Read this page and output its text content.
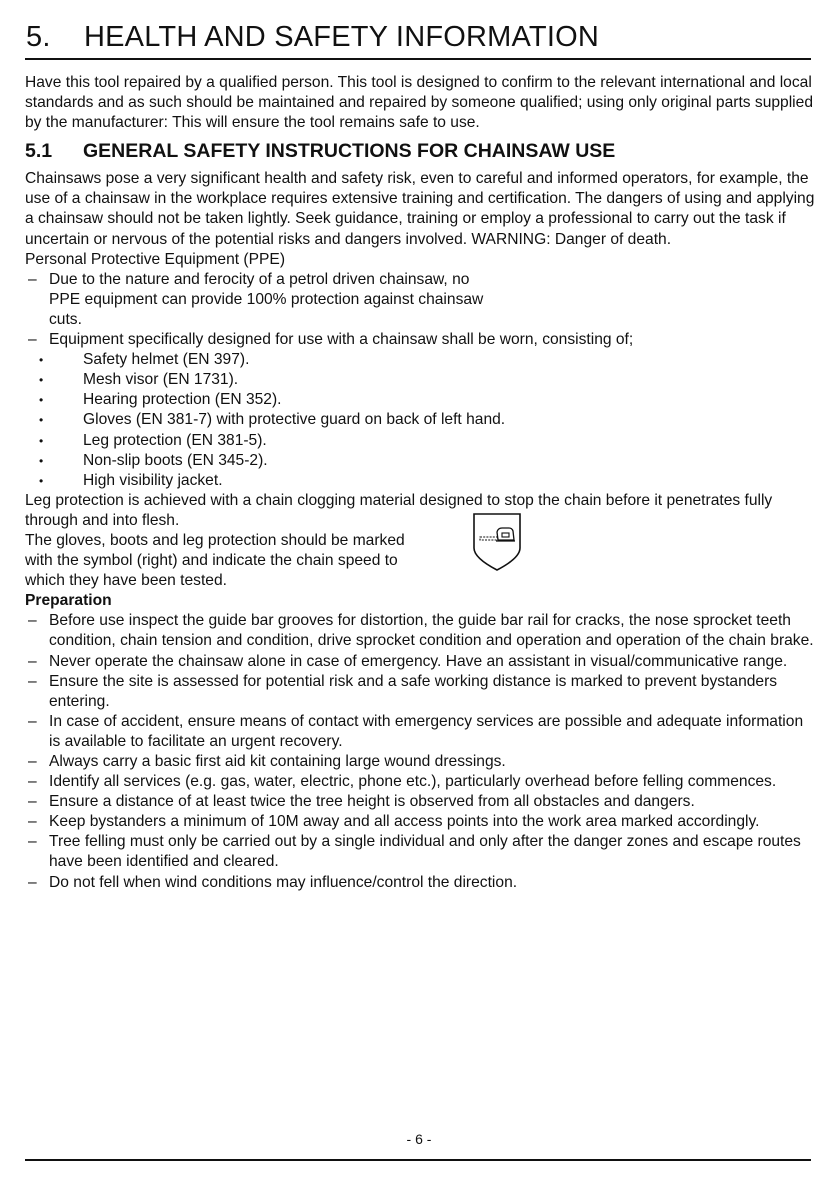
5. HEALTH AND SAFETY INFORMATION

Have this tool repaired by a qualified person. This tool is designed to confirm to the relevant international and local standards and as such should be maintained and repaired by someone qualified; using only original parts supplied by the manufacturer: This will ensure the tool remains safe to use.

5.1 GENERAL SAFETY INSTRUCTIONS FOR CHAINSAW USE

Chainsaws pose a very significant health and safety risk, even to careful and informed operators, for example, the use of a chainsaw in the workplace requires extensive training and certification. The dangers of using and applying a chainsaw should not be taken lightly. Seek guidance, training or employ a professional to carry out the task if uncertain or nervous of the potential risks and dangers involved. WARNING: Danger of death.

Personal Protective Equipment (PPE)

– Due to the nature and ferocity of a petrol driven chainsaw, no PPE equipment can provide 100% protection against chainsaw cuts.
– Equipment specifically designed for use with a chainsaw shall be worn, consisting of;
• Safety helmet (EN 397).
• Mesh visor (EN 1731).
• Hearing protection (EN 352).
• Gloves (EN 381-7) with protective guard on back of left hand.
• Leg protection (EN 381-5).
• Non-slip boots (EN 345-2).
• High visibility jacket.

Leg protection is achieved with a chain clogging material designed to stop the chain before it penetrates fully through and into flesh.

The gloves, boots and leg protection should be marked

with the symbol (right) and indicate the chain speed to

which they have been tested.

Preparation

– Before use inspect the guide bar grooves for distortion, the guide bar rail for cracks, the nose sprocket teeth condition, chain tension and condition, drive sprocket condition and operation and operation of the chain brake.
– Never operate the chainsaw alone in case of emergency. Have an assistant in visual/communicative range.
– Ensure the site is assessed for potential risk and a safe working distance is marked to prevent bystanders entering.
– In case of accident, ensure means of contact with emergency services are possible and adequate information is available to facilitate an urgent recovery.
– Always carry a basic first aid kit containing large wound dressings.
– Identify all services (e.g. gas, water, electric, phone etc.), particularly overhead before felling commences.
– Ensure a distance of at least twice the tree height is observed from all obstacles and dangers.
– Keep bystanders a minimum of 10M away and all access points into the work area marked accordingly.
– Tree felling must only be carried out by a single individual and only after the danger zones and escape routes have been identified and cleared.
– Do not fell when wind conditions may influence/control the direction.
- 6 -
